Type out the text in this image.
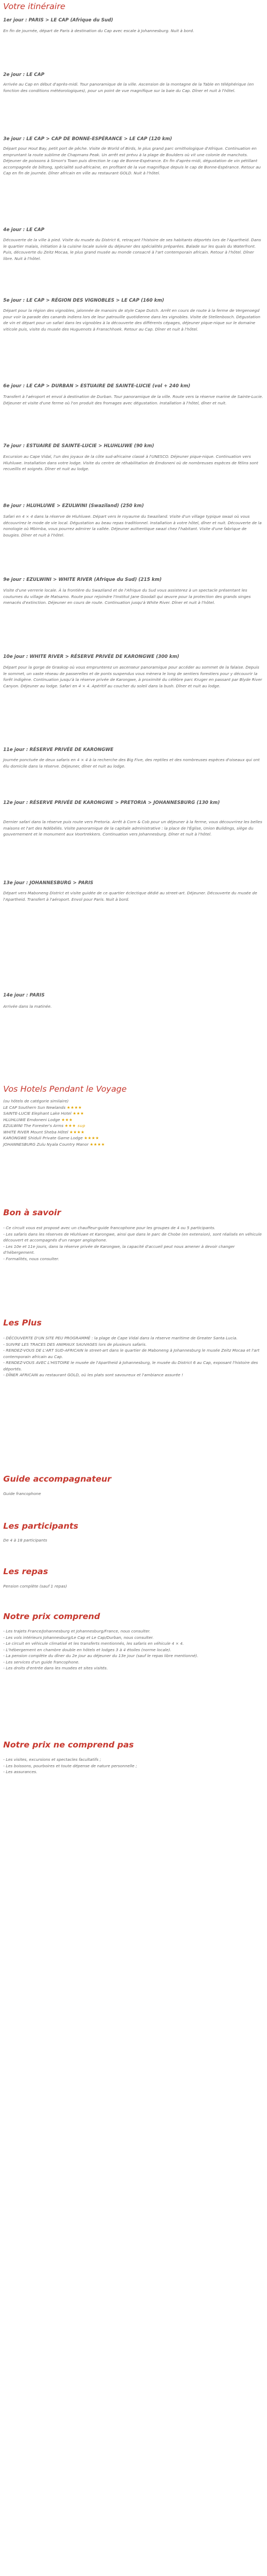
Votre itinéraire
1er jour : PARIS > LE CAP (Afrique du Sud)

En fin de journée, départ de Paris à destination du Cap avec escale à Johannesburg. Nuit à bord.

2e jour : LE CAP

Arrivée au Cap en début d'après-midi. Tour panoramique de la ville. Ascension de la montagne de la Table en téléphérique (en fonction des conditions météorologiques), pour un point de vue magnifique sur la baie du Cap. Dîner et nuit à l'hôtel.

3e jour : LE CAP > CAP DE BONNE-ESPÉRANCE > LE CAP (120 km)

Départ pour Hout Bay, petit port de pêche. Visite de World of Birds, le plus grand parc ornithologique d'Afrique. Continuation en empruntant la route sublime de Chapmans Peak. Un arrêt est prévu à la plage de Boulders où vit une colonie de manchots. Déjeuner de poissons à Simon's Town puis direction le cap de Bonne-Espérance. En fin d'après-midi, dégustation de vin pétillant accompagnée de biltong, spécialité sud-africaine, en profitant de la vue magnifique depuis le cap de Bonne-Espérance. Retour au Cap en fin de journée. Dîner africain en ville au restaurant GOLD. Nuit à l'hôtel.

4e jour : LE CAP

Découverte de la ville à pied. Visite du musée du District 6, retraçant l'histoire de ses habitants déportés lors de l'Apartheid. Dans le quartier malais, initiation à la cuisine locale suivie du déjeuner des spécialités préparées. Balade sur les quais du Waterfront. Puis, découverte du Zeitz Mocaa, le plus grand musée au monde consacré à l'art contemporain africain. Retour à l'hôtel. Dîner libre. Nuit à l'hôtel.

5e jour : LE CAP > RÉGION DES VIGNOBLES > LE CAP (160 km)

Départ pour la région des vignobles, jalonnée de manoirs de style Cape Dutch. Arrêt en cours de route à la ferme de Vergenoegd pour voir la parade des canards indiens lors de leur patrouille quotidienne dans les vignobles. Visite de Stellenbosch. Dégustation de vin et départ pour un safari dans les vignobles à la découverte des différents cépages, déjeuner pique-nique sur le domaine viticole puis, visite du musée des Huguenots à Franschhoek. Retour au Cap. Dîner et nuit à l'hôtel.

6e jour : LE CAP > DURBAN > ESTUAIRE DE SAINTE-LUCIE (vol + 240 km)

Transfert à l'aéroport et envol à destination de Durban. Tour panoramique de la ville. Route vers la réserve marine de Sainte-Lucie. Déjeuner et visite d'une ferme où l'on produit des fromages avec dégustation. Installation à l'hôtel, dîner et nuit.

7e jour : ESTUAIRE DE SAINTE-LUCIE > HLUHLUWE (90 km)

Excursion au Cape Vidal, l'un des joyaux de la côte sud-africaine classé à l'UNESCO. Déjeuner pique-nique. Continuation vers Hluhluwe. Installation dans votre lodge. Visite du centre de réhabilitation de Emdoneni où de nombreuses espèces de félins sont recueillis et soignés. Dîner et nuit au lodge.

8e jour : HLUHLUWE > EZULWINI (Swaziland) (250 km)

Safari en 4 × 4 dans la réserve de Hluhluwe. Départ vers le royaume du Swaziland. Visite d'un village typique swazi où vous découvrirez le mode de vie local. Dégustation au beau repas traditionnel. Installation à votre hôtel, dîner et nuit. Découverte de la nonologie où Mbimba, vous pourrez admirer la vallée. Déjeuner authentique swazi chez l'habitant. Visite d'une fabrique de bougies. Dîner et nuit à l'hôtel.

9e jour : EZULWINI > WHITE RIVER (Afrique du Sud) (215 km)

Visite d'une verrerie locale. À la frontière du Swaziland et de l'Afrique du Sud vous assisterez à un spectacle présentant les coutumes du village de Matsamo. Route pour rejoindre l'Institut Jane Goodall qui œuvre pour la protection des grands singes menacés d'extinction. Déjeuner en cours de route. Continuation jusqu'à White River. Dîner et nuit à l'hôtel.

10e jour : WHITE RIVER > RÉSERVE PRIVÉE DE KARONGWE (300 km)

Départ pour la gorge de Graskop où vous emprunterez un ascenseur panoramique pour accéder au sommet de la falaise. Depuis le sommet, un vaste réseau de passerelles et de ponts suspendus vous mènera le long de sentiers forestiers pour y découvrir la forêt indigène. Continuation jusqu'à la réserve privée de Karongwe, à proximité du célèbre parc Kruger en passant par Blyde River Canyon. Déjeuner au lodge. Safari en 4 × 4. Apéritif au coucher du soleil dans la bush. Dîner et nuit au lodge.

11e jour : RÉSERVE PRIVÉE DE KARONGWE

Journée ponctuée de deux safaris en 4 × 4 à la recherche des Big Five, des reptiles et des nombreuses espèces d'oiseaux qui ont élu domicile dans la réserve. Déjeuner, dîner et nuit au lodge.

12e jour : RÉSERVE PRIVÉE DE KARONGWE > PRETORIA > JOHANNESBURG (130 km)

Dernier safari dans la réserve puis route vers Pretoria. Arrêt à Corn & Cob pour un déjeuner à la ferme, vous découvrirez les belles maisons et l'art des Ndébélés. Visite panoramique de la capitale administrative : la place de l'Église, Union Buildings, siège du gouvernement et le monument aux Voortrekkers. Continuation vers Johannesburg. Dîner et nuit à l'hôtel.

13e jour : JOHANNESBURG > PARIS

Départ vers Maboneng District et visite guidée de ce quartier éclectique dédié au street-art. Déjeuner. Découverte du musée de l'Apartheid. Transfert à l'aéroport. Envol pour Paris. Nuit à bord.

14e jour : PARIS

Arrivée dans la matinée.

Vos Hotels Pendant le Voyage
(ou hôtels de catégorie similaire)
LE CAP Southern Sun Newlands ★★★★
SAINTE-LUCIE Elephant Lake Hotel ★★★
HLUHLUWE Emdoneni Lodge ★★★
EZULWINI The Forester's Arms ★★★ sup
WHITE RIVER Mount Sheba Hôtel ★★★★
KARONGWE Shiduli Private Game Lodge ★★★★
JOHANNESBURG Zulu Nyala Country Manor ★★★★
Bon à savoir
- Ce circuit vous est proposé avec un chauffeur-guide francophone pour les groupes de 4 ou 5 participants.
- Les safaris dans les réserves de Hluhluwe et Karongwe, ainsi que dans le parc de Chobe (en extension), sont réalisés en véhicule découvert et accompagnés d'un ranger anglophone.
- Les 10e et 11e jours, dans la réserve privée de Karongwe, la capacité d'accueil peut nous amener à devoir changer d'hébergement.
- Formalités, nous consulter.
Les Plus
- DÉCOUVERTE D'UN SITE PEU PROGRAMMÉ : la plage de Cape Vidal dans la réserve maritime de Greater Santa Lucia.
- SUIVRE LES TRACES DES ANIMAUX SAUVAGES lors de plusieurs safaris.
- RENDEZ-VOUS DE L'ART SUD-AFRICAIN le street-art dans le quartier de Maboneng à Johannesburg le musée Zeitz Mocaa et l'art contemporain africain au Cap.
- RENDEZ-VOUS AVEC L'HISTOIRE le musée de l'Apartheid à Johannesburg, le musée du District 6 au Cap, exposant l'histoire des déportés.
- DÎNER AFRICAIN au restaurant GOLD, où les plats sont savoureux et l'ambiance assurée !
Guide accompagnateur

Guide francophone

Les participants

De 4 à 18 participants

Les repas

Pension complète (sauf 1 repas)

Notre prix comprend
- Les trajets France/Johannesburg et Johannesburg/France, nous consulter.
- Les vols intérieurs Johannesburg/Le Cap et Le Cap/Durban, nous consulter.
- Le circuit en véhicule climatisé et les transferts mentionnés, les safaris en véhicule 4 × 4.
- L'hébergement en chambre double en hôtels et lodges 3 à 4 étoiles (norme locale).
- La pension complète du dîner du 2e jour au déjeuner du 13e jour (sauf le repas libre mentionné).
- Les services d'un guide francophone.
- Les droits d'entrée dans les musées et sites visités.
Notre prix ne comprend pas
- Les visites, excursions et spectacles facultatifs ;
- Les boissons, pourboires et toute dépense de nature personnelle ;
- Les assurances.
